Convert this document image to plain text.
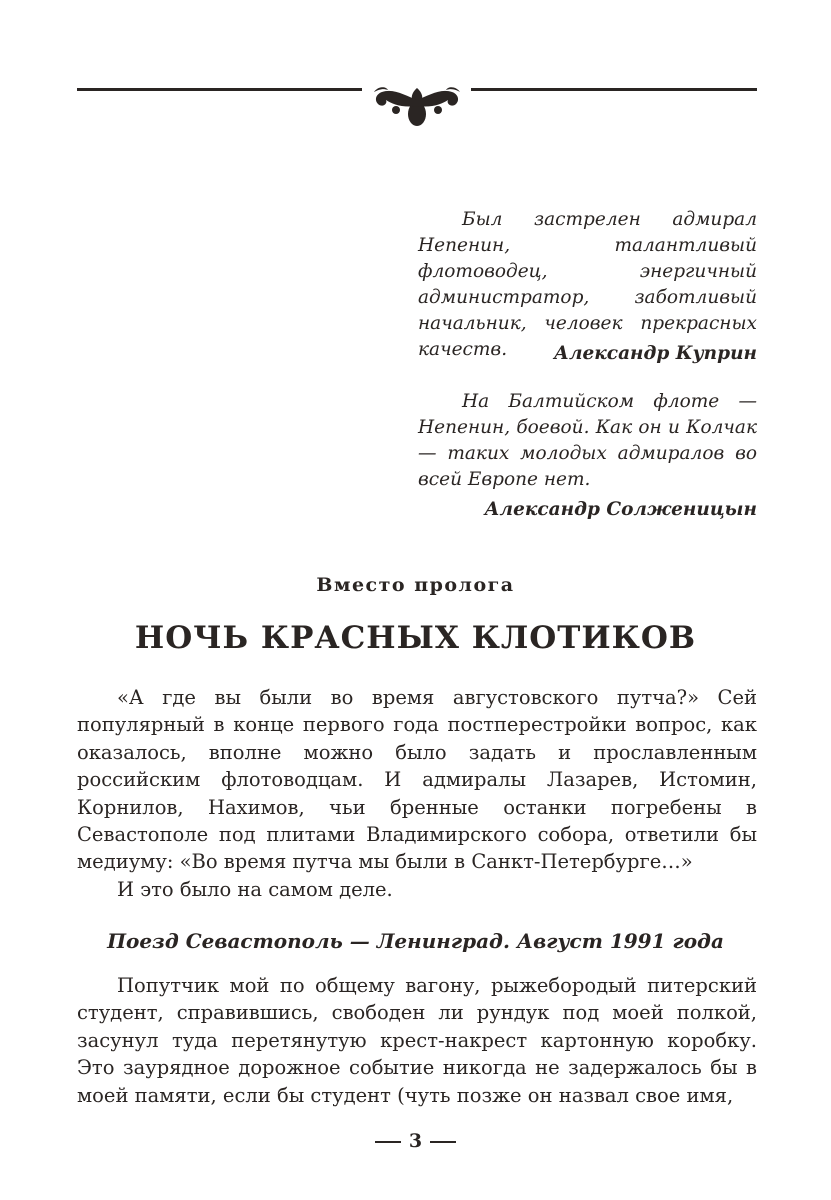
Был застрелен адмирал Непенин, талантливый флотоводец, энергичный администратор, заботливый начальник, человек прекрасных качеств.	Александр Куприн

На Балтийском флоте — Непенин, боевой. Как он и Колчак — таких молодых адмиралов во всей Европе нет.

Александр Солженицын
Вместо пролога
НОЧЬ КРАСНЫХ КЛОТИКОВ

«А где вы были во время августовского путча?» Сей популярный в конце первого года постперестройки вопрос, как оказалось, вполне можно было задать и прославленным российским флотоводцам. И адмиралы Лазарев, Истомин, Корнилов, Нахимов, чьи бренные останки погребены в Севастополе под плитами Владимирского собора, ответили бы медиуму: «Во время путча мы были в Санкт-Петербурге…»

И это было на самом деле.

Поезд Севастополь — Ленинград. Август 1991 года

Попутчик мой по общему вагону, рыжебородый питерский студент, справившись, свободен ли рундук под моей полкой, засунул туда перетянутую крест-накрест картонную коробку. Это заурядное дорожное событие никогда не задержалось бы в моей памяти, если бы студент (чуть позже он назвал свое имя,

3
